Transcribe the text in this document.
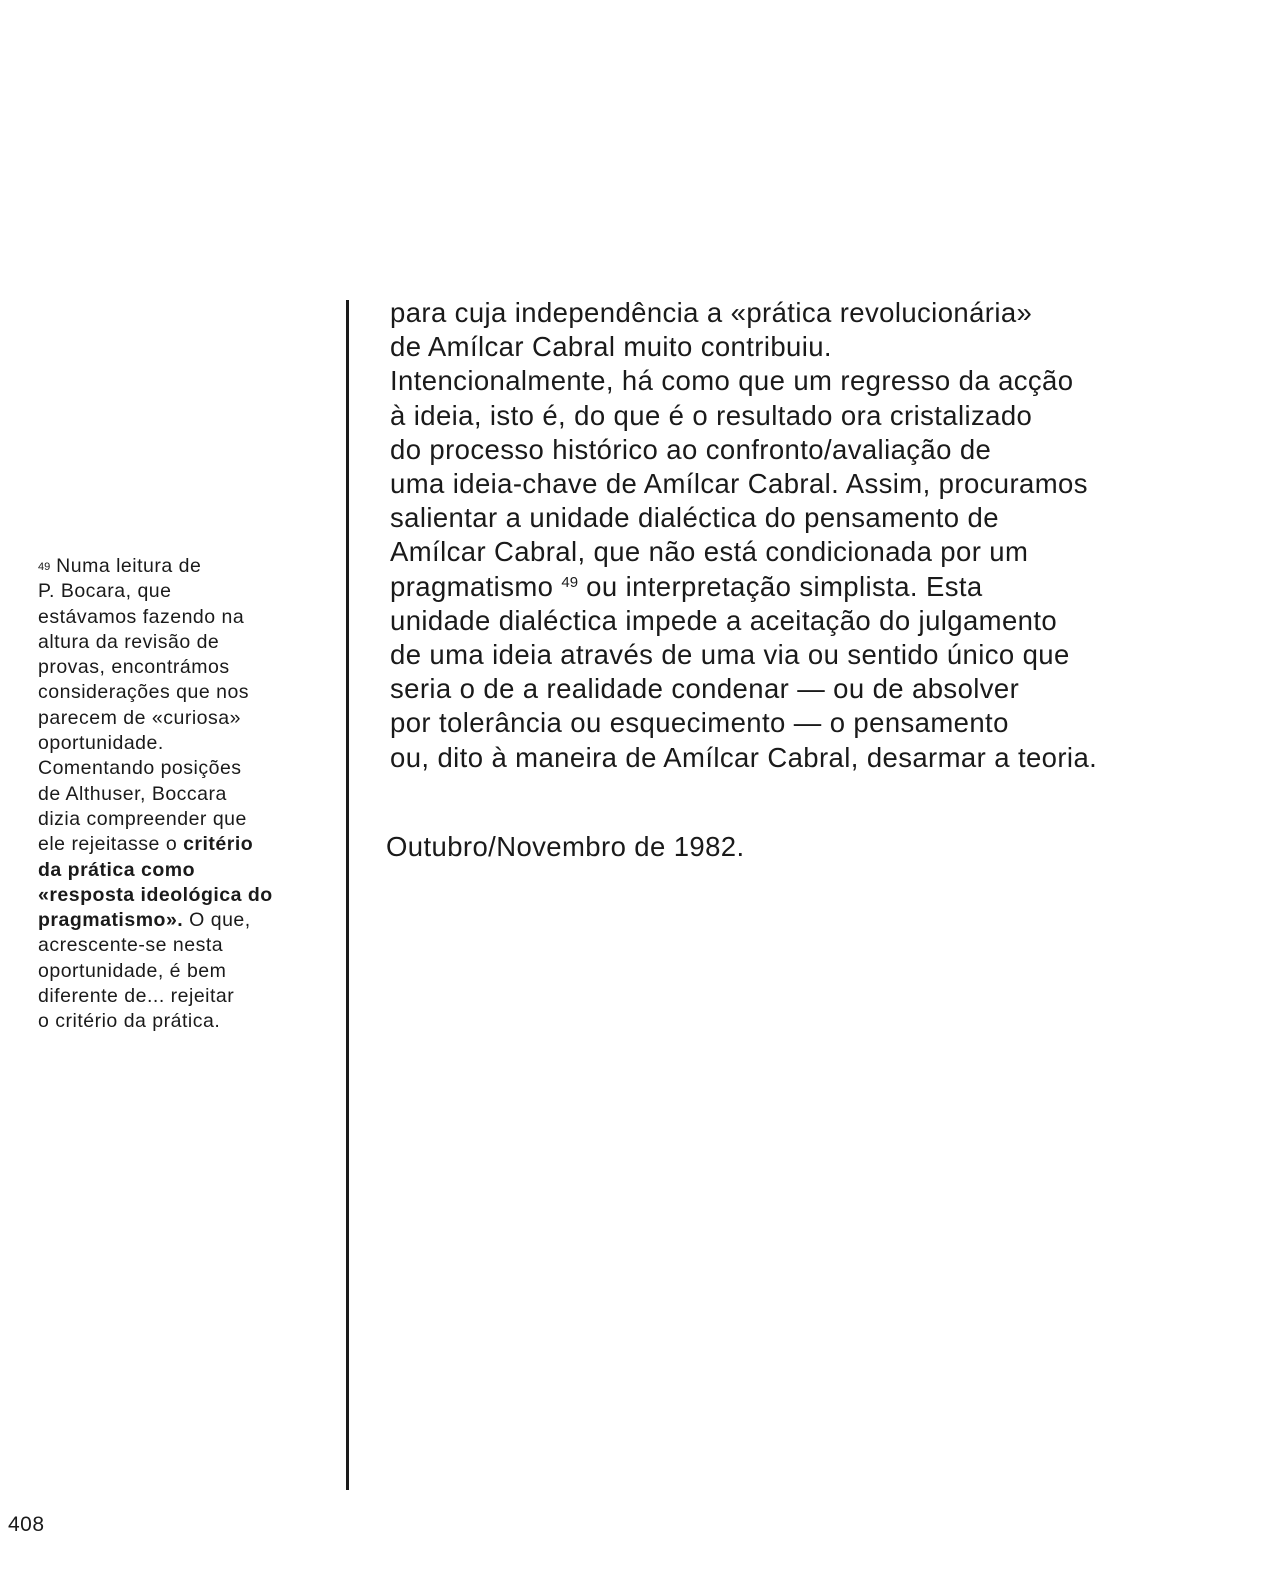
$^{49}$ Numa leitura de
P. Bocara, que
estávamos fazendo na
altura da revisão de
provas, encontrámos
considerações que nos
parecem de «curiosa»
oportunidade.
Comentando posições
de Althuser, Boccara
dizia compreender que
ele rejeitasse o critério
da prática como
«resposta ideológica do
pragmatismo». O que,
acrescente-se nesta
oportunidade, é bem
diferente de... rejeitar
o critério da prática.
para cuja independência a «prática revolucionária»
de Amílcar Cabral muito contribuiu.
Intencionalmente, há como que um regresso da acção
à ideia, isto é, do que é o resultado ora cristalizado
do processo histórico ao confronto/avaliação de
uma ideia-chave de Amílcar Cabral. Assim, procuramos
salientar a unidade dialéctica do pensamento de
Amílcar Cabral, que não está condicionada por um
pragmatismo $^{49}$ ou interpretação simplista. Esta
unidade dialéctica impede a aceitação do julgamento
de uma ideia através de uma via ou sentido único que
seria o de a realidade condenar — ou de absolver
por tolerância ou esquecimento — o pensamento
ou, dito à maneira de Amílcar Cabral, desarmar a teoria.
Outubro/Novembro de 1982.
408
